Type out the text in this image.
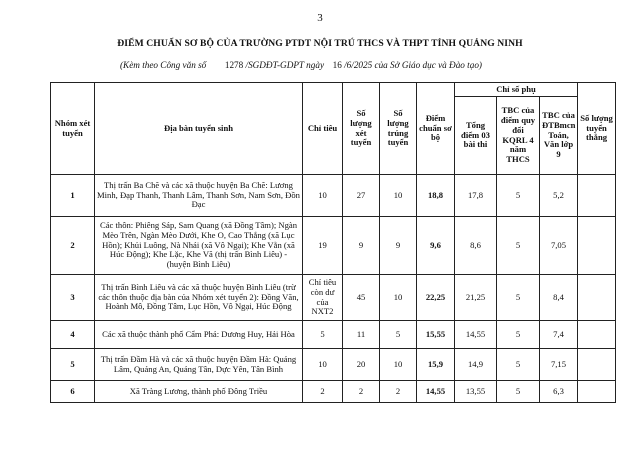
3
ĐIỂM CHUẨN SƠ BỘ CỦA TRƯỜNG PTDT NỘI TRÚ THCS VÀ THPT TỈNH QUẢNG NINH
(Kèm theo Công văn số 1278 /SGDĐT-GDPT ngày 16 /6/2025 của Sở Giáo dục và Đào tạo)
Nhóm xét tuyển	Địa bàn tuyển sinh	Chỉ tiêu	Số lượng xét tuyển	Số lượng trúng tuyển	Điểm chuẩn sơ bộ	Chỉ số phụ			Số lượng tuyển thẳng
						Tổng điểm 03 bài thi	TBC của điểm quy đổi KQRL 4 năm THCS	TBC của ĐTBmcn Toán, Văn lớp 9	
1	Thị trấn Ba Chẽ và các xã thuộc huyện Ba Chẽ: Lương Minh, Đạp Thanh, Thanh Lâm, Thanh Sơn, Nam Sơn, Đồn Đạc	10	27	10	18,8	17,8	5	5,2	
2	Các thôn: Phiêng Sáp, Sam Quang (xã Đồng Tâm); Ngàn Mèo Trên, Ngàn Mèo Dưới, Khe O, Cao Thắng (xã Lục Hồn); Khủi Luông, Nà Nhái (xã Vô Ngại); Khe Vằn (xã Húc Động); Khe Lặc, Khe Vă (thị trấn Bình Liêu) - (huyện Bình Liêu)	19	9	9	9,6	8,6	5	7,05	
3	Thị trấn Bình Liêu và các xã thuộc huyện Bình Liêu (trừ các thôn thuộc địa bàn của Nhóm xét tuyển 2): Đồng Văn, Hoành Mô, Đồng Tâm, Lục Hồn, Vô Ngại, Húc Động	Chỉ tiêu còn dư của NXT2	45	10	22,25	21,25	5	8,4	
4	Các xã thuộc thành phố Cẩm Phả: Dương Huy, Hải Hòa	5	11	5	15,55	14,55	5	7,4	
5	Thị trấn Đầm Hà và các xã thuộc huyện Đầm Hà: Quảng Lâm, Quảng An, Quảng Tân, Dực Yên, Tân Bình	10	20	10	15,9	14,9	5	7,15	
6	Xã Tràng Lương, thành phố Đông Triều	2	2	2	14,55	13,55	5	6,3	
